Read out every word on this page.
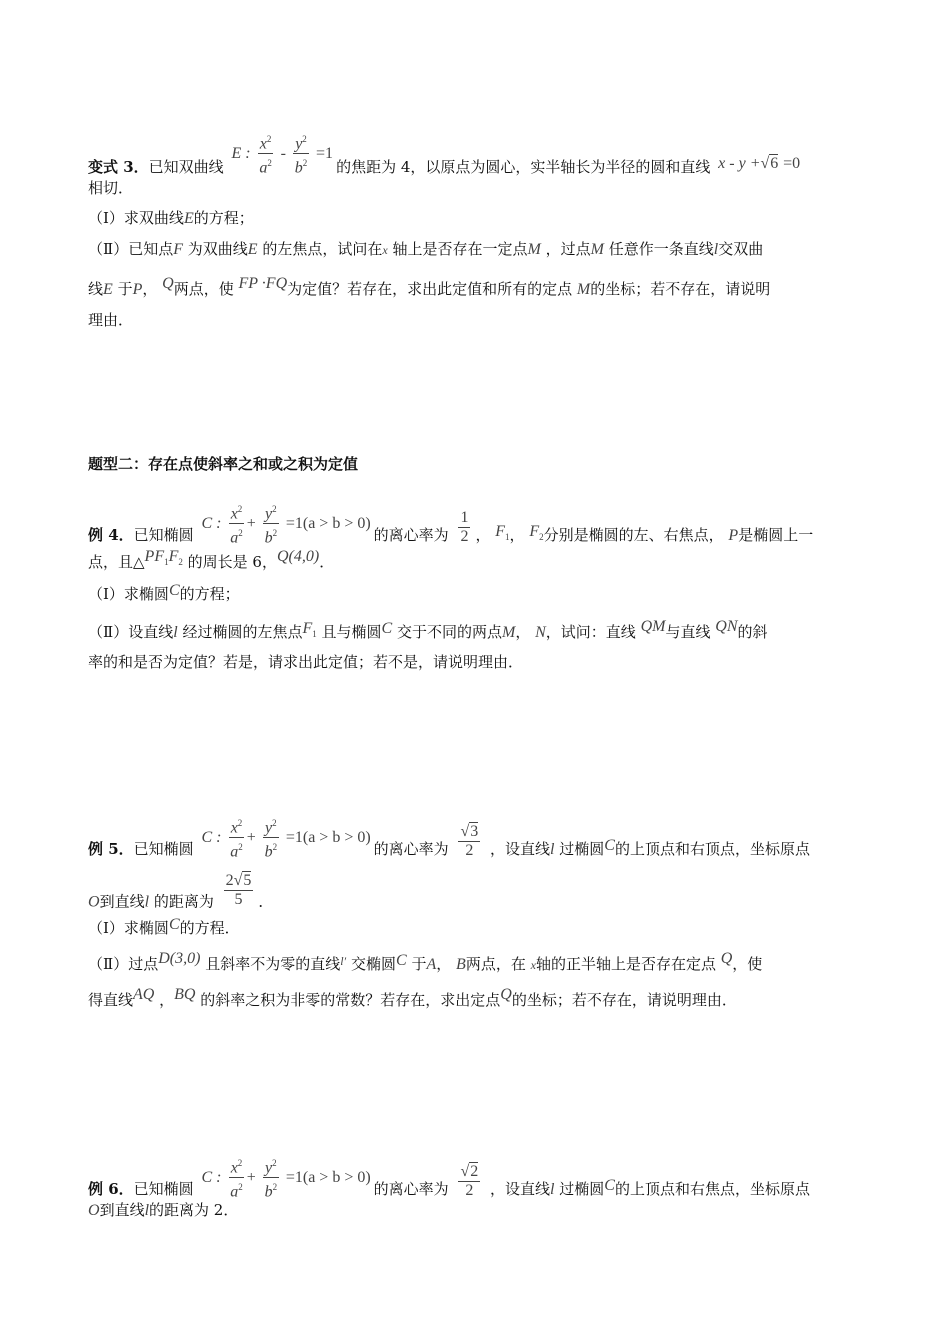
变式 3．已知双曲线 E : $\frac{x^2}{a^2} - \frac{y^2}{b^2} =1$的焦距为 4，以原点为圆心，实半轴长为半径的圆和直线 x - y +√6 =0
相切．
（Ⅰ）求双曲线E的方程；
（Ⅱ）已知点F 为双曲线E 的左焦点，试问在x 轴上是否存在一定点M ，过点M 任意作一条直线l交双曲
线E 于P， Q两点，使 FP ·FQ为定值？若存在，求出此定值和所有的定点 M的坐标；若不存在，请说明
理由．
题型二：存在点使斜率之和或之积为定值
例 4．已知椭圆 C : $\frac{x^2}{a^2} + \frac{y^2}{b^2} =1(a > b > 0)$的离心率为 $\frac{1}{2}$ ， $F_1$， $F_2$分别是椭圆的左、右焦点， P是椭圆上一
点，且$\triangle PF_1F_2$ 的周长是 6，Q(4,0)．
（Ⅰ）求椭圆C的方程；
（Ⅱ）设直线l 经过椭圆的左焦点$F_1$ 且与椭圆C 交于不同的两点M， N，试问：直线 QM与直线 QN的斜
率的和是否为定值？若是，请求出此定值；若不是，请说明理由．
例 5．已知椭圆 C : $\frac{x^2}{a^2} + \frac{y^2}{b^2} =1(a > b > 0)$的离心率为 $\frac{√3}{2}$ ，设直线l 过椭圆C的上顶点和右顶点，坐标原点
O到直线l 的距离为 $\frac{2√5}{5}$ ．
（Ⅰ）求椭圆C的方程．
（Ⅱ）过点D(3,0) 且斜率不为零的直线$^{l'}$ 交椭圆C 于A， B两点，在 x轴的正半轴上是否存在定点 Q，使
得直线AQ ，BQ 的斜率之积为非零的常数？若存在，求出定点Q的坐标；若不存在，请说明理由．
例 6．已知椭圆 C : $\frac{x^2}{a^2} + \frac{y^2}{b^2} =1(a > b > 0)$的离心率为 $\frac{√2}{2}$ ，设直线l 过椭圆C的上顶点和右焦点，坐标原点
O到直线l的距离为 2．
